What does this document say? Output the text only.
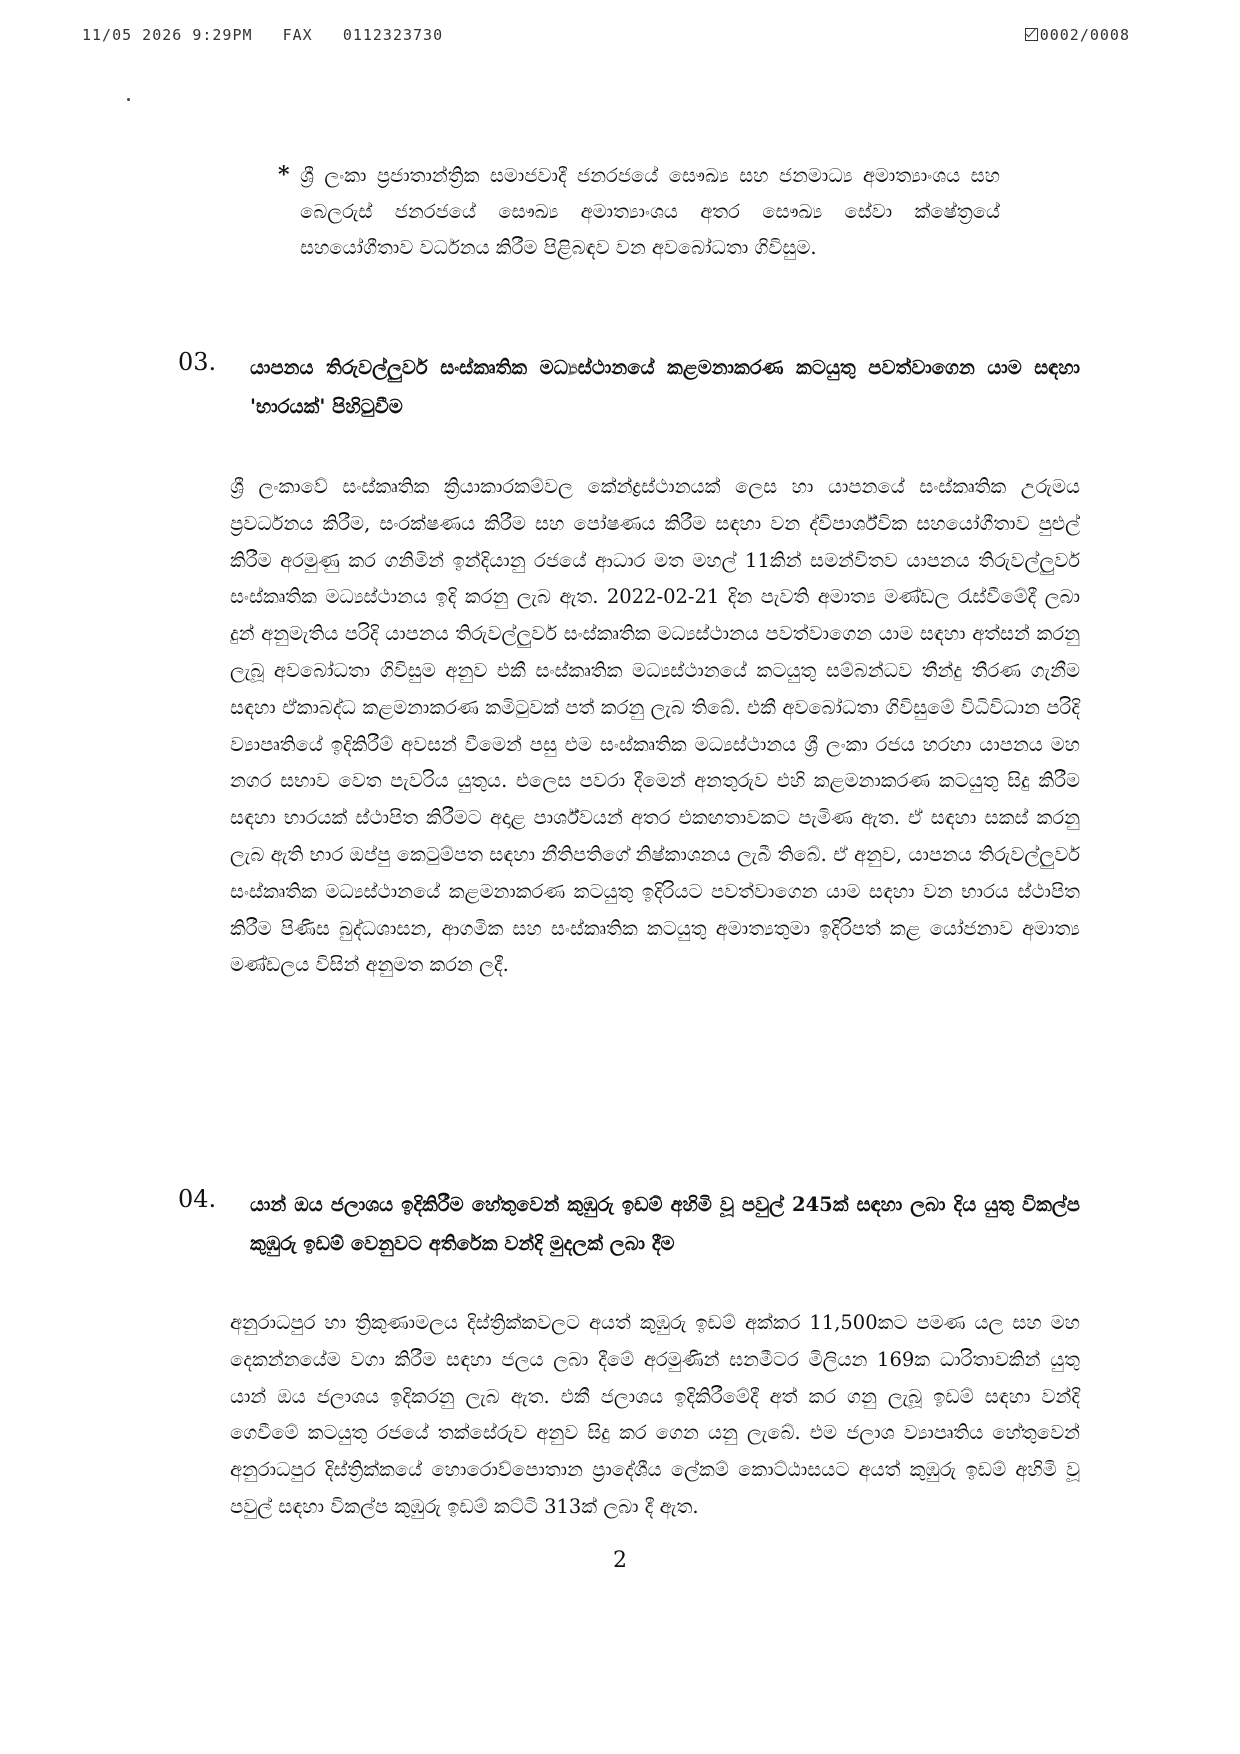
11/05 2026 9:29PM FAX 0112323730	0002/0008
* ශ්‍රී ලංකා ප්‍රජාතාන්ත්‍රික සමාජවාදී ජනරජයේ සෞඛ්‍ය සහ ජනමාධ්‍ය අමාත්‍යාංශය සහ බෙලරුස් ජනරජයේ සෞඛ්‍ය අමාත්‍යාංශය අතර සෞඛ්‍ය සේවා ක්ෂේත්‍රයේ සහයෝගීතාව වර්ධනය කිරීම පිළිබඳව වන අවබෝධතා ගිවිසුම.

03. යාපනය තිරුවල්ලුවර් සංස්කෘතික මධ්‍යස්ථානයේ කළමනාකරණ කටයුතු පවත්වාගෙන යාම සඳහා 'භාරයක්' පිහිටුවීම

ශ්‍රී ලංකාවේ සංස්කෘතික ක්‍රියාකාරකම්වල කේන්ද්‍රස්ථානයක් ලෙස හා යාපනයේ සංස්කෘතික උරුමය ප්‍රවර්ධනය කිරීම, සංරක්ෂණය කිරීම සහ පෝෂණය කිරීම සඳහා වන ද්විපාර්ශ්වික සහයෝගීතාව පුළුල් කිරීම අරමුණු කර ගනිමින් ඉන්දියානු රජයේ ආධාර මත මහල් 11කින් සමන්විතව යාපනය තිරුවල්ලුවර් සංස්කෘතික මධ්‍යස්ථානය ඉදි කරනු ලැබ ඇත. 2022-02-21 දින පැවති අමාත්‍ය මණ්ඩල රැස්වීමේදී ලබා දුන් අනුමැතිය පරිදි යාපනය තිරුවල්ලුවර් සංස්කෘතික මධ්‍යස්ථානය පවත්වාගෙන යාම සඳහා අත්සන් කරනු ලැබූ අවබෝධතා ගිවිසුම අනුව එකී සංස්කෘතික මධ්‍යස්ථානයේ කටයුතු සම්බන්ධව තීන්දු තීරණ ගැනීම සඳහා ඒකාබද්ධ කළමනාකරණ කමිටුවක් පත් කරනු ලැබ තිබේ. එකී අවබෝධතා ගිවිසුමේ විධිවිධාන පරිදි ව්‍යාපෘතියේ ඉදිකිරීම් අවසන් වීමෙන් පසු එම සංස්කෘතික මධ්‍යස්ථානය ශ්‍රී ලංකා රජය හරහා යාපනය මහ නගර සභාව වෙත පැවරිය යුතුය. එලෙස පවරා දීමෙන් අනතුරුව එහි කළමනාකරණ කටයුතු සිදු කිරීම සඳහා භාරයක් ස්ථාපිත කිරීමට අදාළ පාර්ශ්වයන් අතර එකඟතාවකට පැමිණ ඇත. ඒ සඳහා සකස් කරනු ලැබ ඇති භාර ඔප්පු කෙටුම්පත සඳහා නීතිපතිගේ නිෂ්කාශනය ලැබී තිබේ. ඒ අනුව, යාපනය තිරුවල්ලුවර් සංස්කෘතික මධ්‍යස්ථානයේ කළමනාකරණ කටයුතු ඉදිරියට පවත්වාගෙන යාම සඳහා වන භාරය ස්ථාපිත කිරීම පිණිස බුද්ධශාසන, ආගමික සහ සංස්කෘතික කටයුතු අමාත්‍යතුමා ඉදිරිපත් කළ යෝජනාව අමාත්‍ය මණ්ඩලය විසින් අනුමත කරන ලදී.

04. යාන් ඔය ජලාශය ඉදිකිරීම හේතුවෙන් කුඹුරු ඉඩම් අහිමි වූ පවුල් 245ක් සඳහා ලබා දිය යුතු විකල්ප කුඹුරු ඉඩම් වෙනුවට අතිරේක වන්දි මුදලක් ලබා දීම

අනුරාධපුර හා ත්‍රිකුණාමලය දිස්ත්‍රික්කවලට අයත් කුඹුරු ඉඩම් අක්කර 11,500කට පමණ යල සහ මහ දෙකන්නයේම වගා කිරීම සඳහා ජලය ලබා දීමේ අරමුණින් ඝනමීටර මිලියන 169ක ධාරිතාවකින් යුතු යාන් ඔය ජලාශය ඉදිකරනු ලැබ ඇත. එකී ජලාශය ඉදිකිරීමේදී අත් කර ගනු ලැබූ ඉඩම් සඳහා වන්දි ගෙවීමේ කටයුතු රජයේ තක්සේරුව අනුව සිදු කර ගෙන යනු ලැබේ. එම ජලාශ ව්‍යාපෘතිය හේතුවෙන් අනුරාධපුර දිස්ත්‍රික්කයේ හොරොව්පොතාන ප්‍රාදේශීය ලේකම් කොට්ඨාසයට අයත් කුඹුරු ඉඩම් අහිමි වූ පවුල් සඳහා විකල්ප කුඹුරු ඉඩම් කට්ටි 313ක් ලබා දී ඇත.

2
